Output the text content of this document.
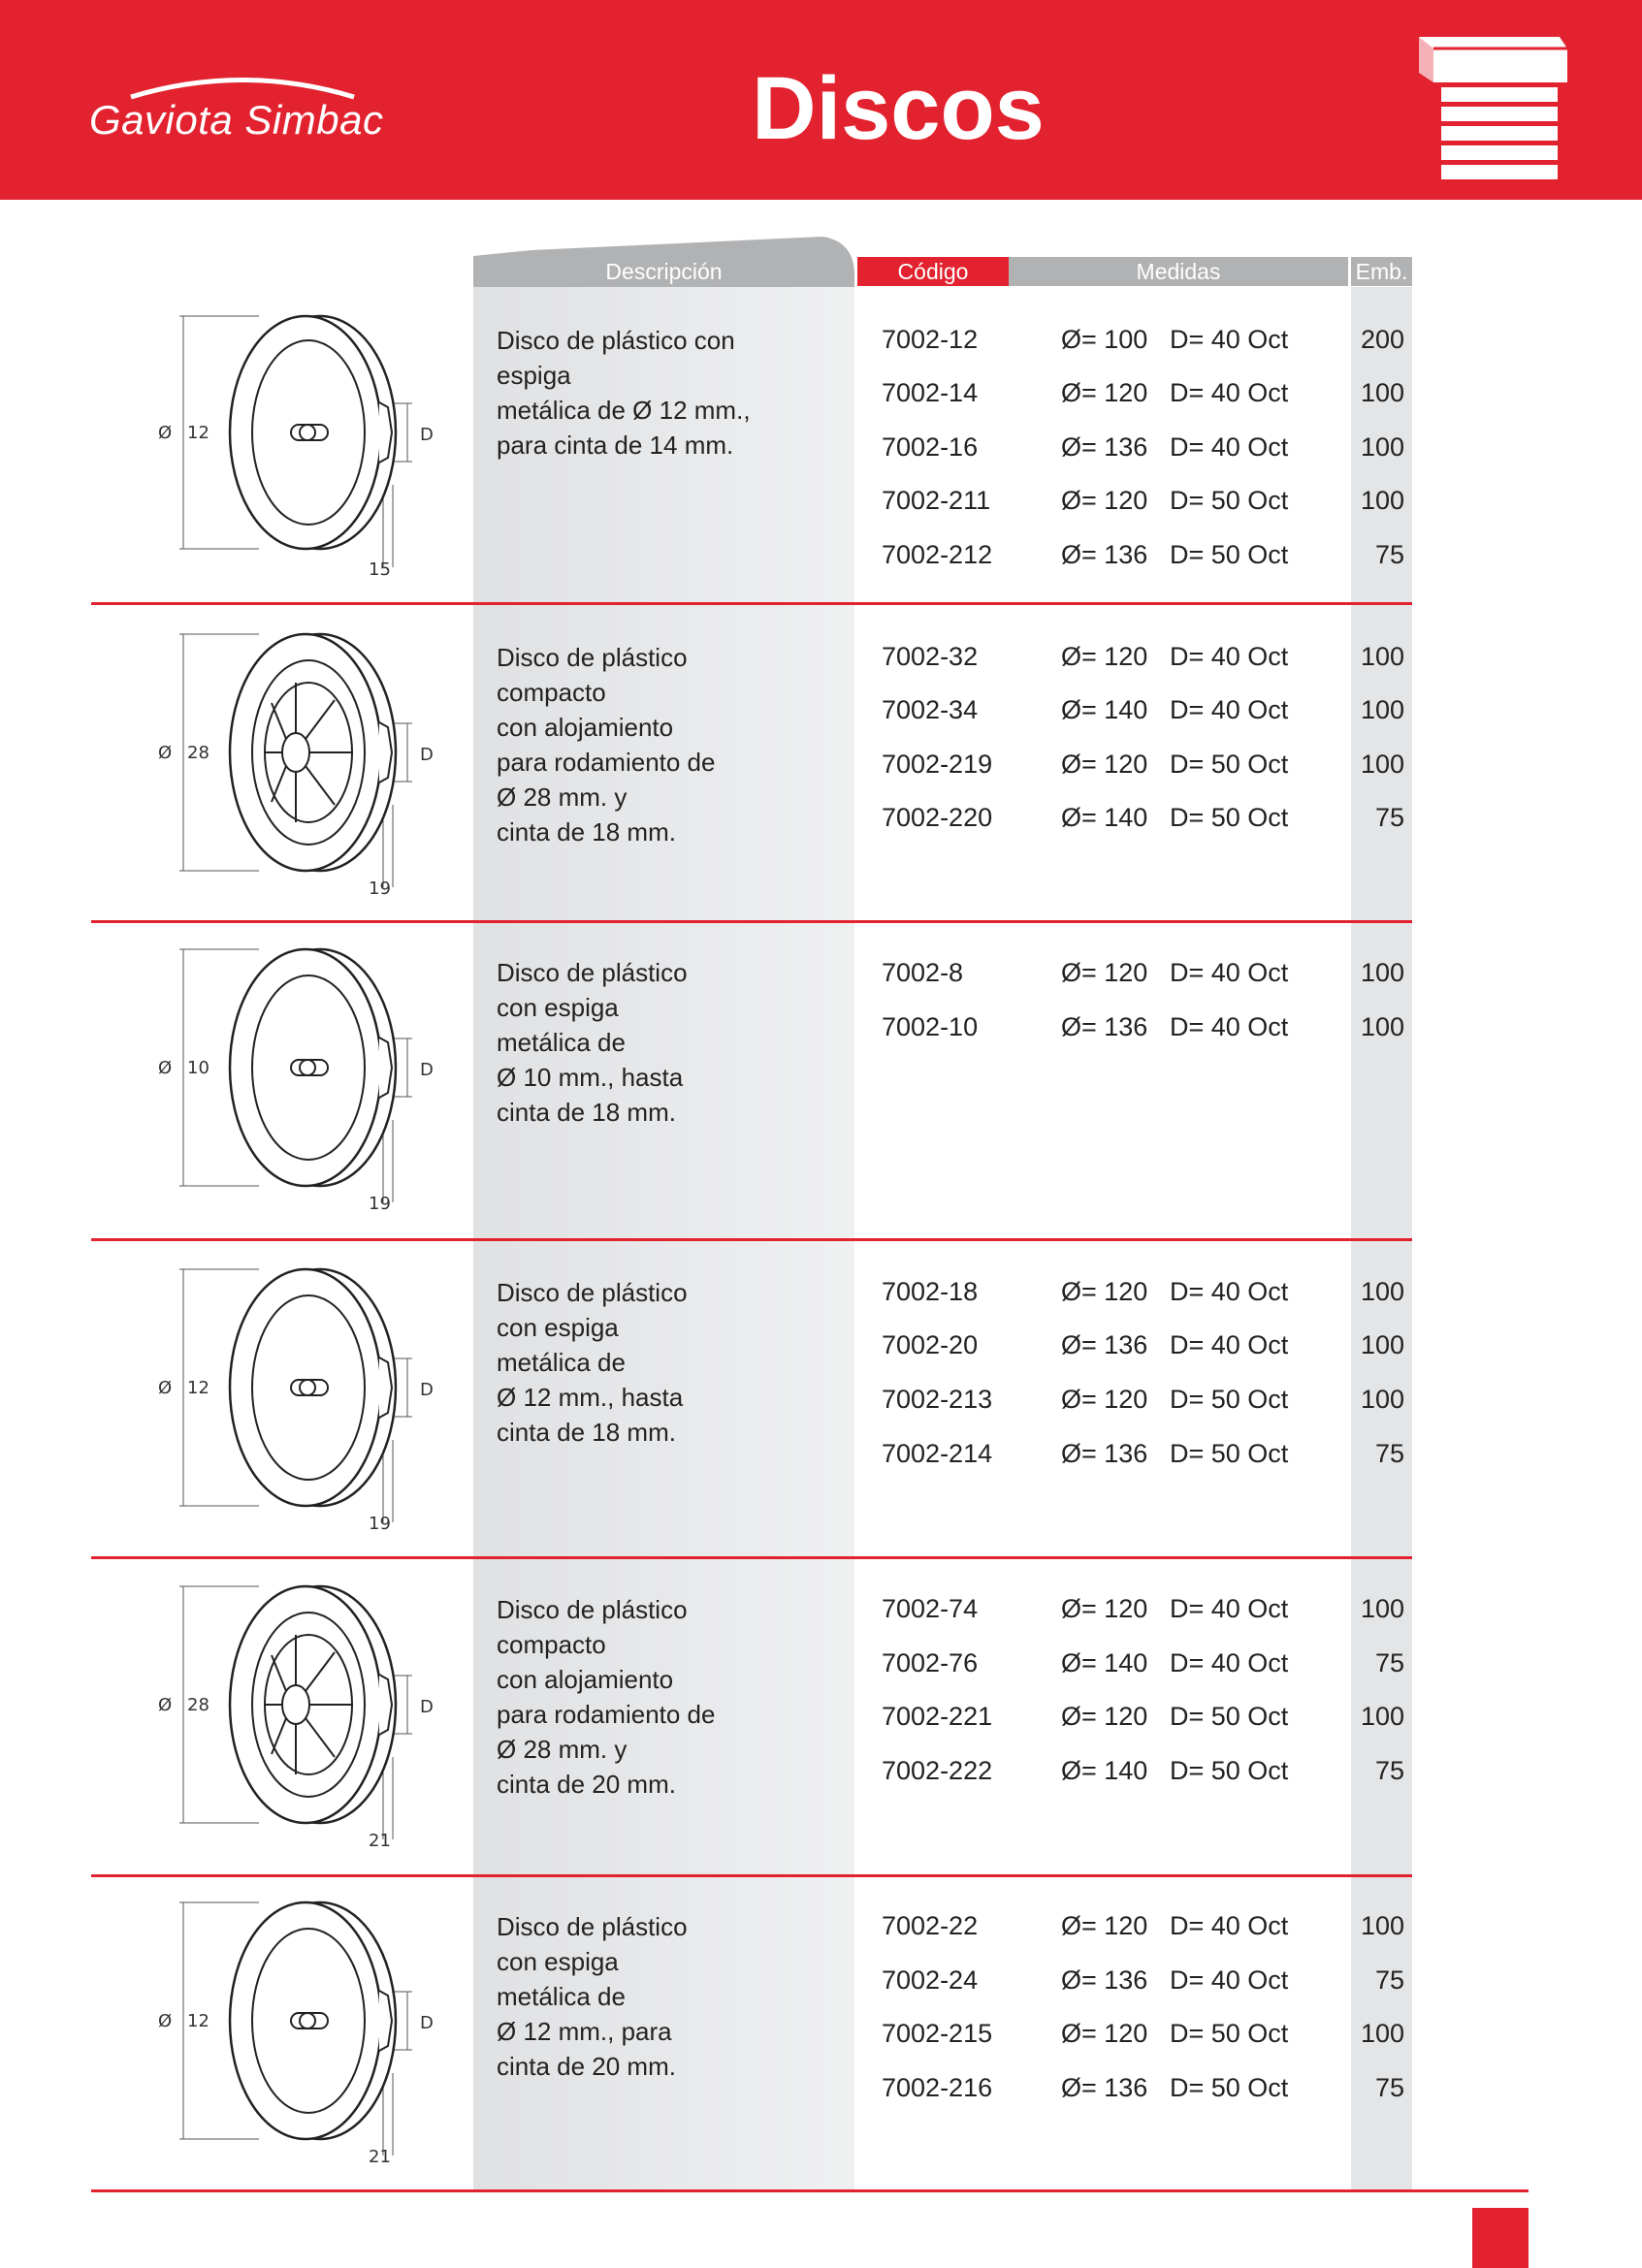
Gaviota Simbac	Discos
Descripción	Código	Medidas	Emb.
Ø 12	D
15
Disco de plástico con
espiga
metálica de Ø 12 mm.,
para cinta de 14 mm.
7002-12	Ø= 100 D= 40 Oct	200
7002-14	Ø= 120 D= 40 Oct	100
7002-16	Ø= 136 D= 40 Oct	100
7002-211	Ø= 120 D= 50 Oct	100
7002-212	Ø= 136 D= 50 Oct	75
Ø 28	D
19
Disco de plástico
compacto
con alojamiento
para rodamiento de
Ø 28 mm. y
cinta de 18 mm.
7002-32	Ø= 120 D= 40 Oct	100
7002-34	Ø= 140 D= 40 Oct	100
7002-219	Ø= 120 D= 50 Oct	100
7002-220	Ø= 140 D= 50 Oct	75
Ø 10	D
19
Disco de plástico
con espiga
metálica de
Ø 10 mm., hasta
cinta de 18 mm.
7002-8	Ø= 120 D= 40 Oct	100
7002-10	Ø= 136 D= 40 Oct	100
Ø 12	D
19
Disco de plástico
con espiga
metálica de
Ø 12 mm., hasta
cinta de 18 mm.
7002-18	Ø= 120 D= 40 Oct	100
7002-20	Ø= 136 D= 40 Oct	100
7002-213	Ø= 120 D= 50 Oct	100
7002-214	Ø= 136 D= 50 Oct	75
Ø 28	D
21
Disco de plástico
compacto
con alojamiento
para rodamiento de
Ø 28 mm. y
cinta de 20 mm.
7002-74	Ø= 120 D= 40 Oct	100
7002-76	Ø= 140 D= 40 Oct	75
7002-221	Ø= 120 D= 50 Oct	100
7002-222	Ø= 140 D= 50 Oct	75
Ø 12	D
21
Disco de plástico
con espiga
metálica de
Ø 12 mm., para
cinta de 20 mm.
7002-22	Ø= 120 D= 40 Oct	100
7002-24	Ø= 136 D= 40 Oct	75
7002-215	Ø= 120 D= 50 Oct	100
7002-216	Ø= 136 D= 50 Oct	75
